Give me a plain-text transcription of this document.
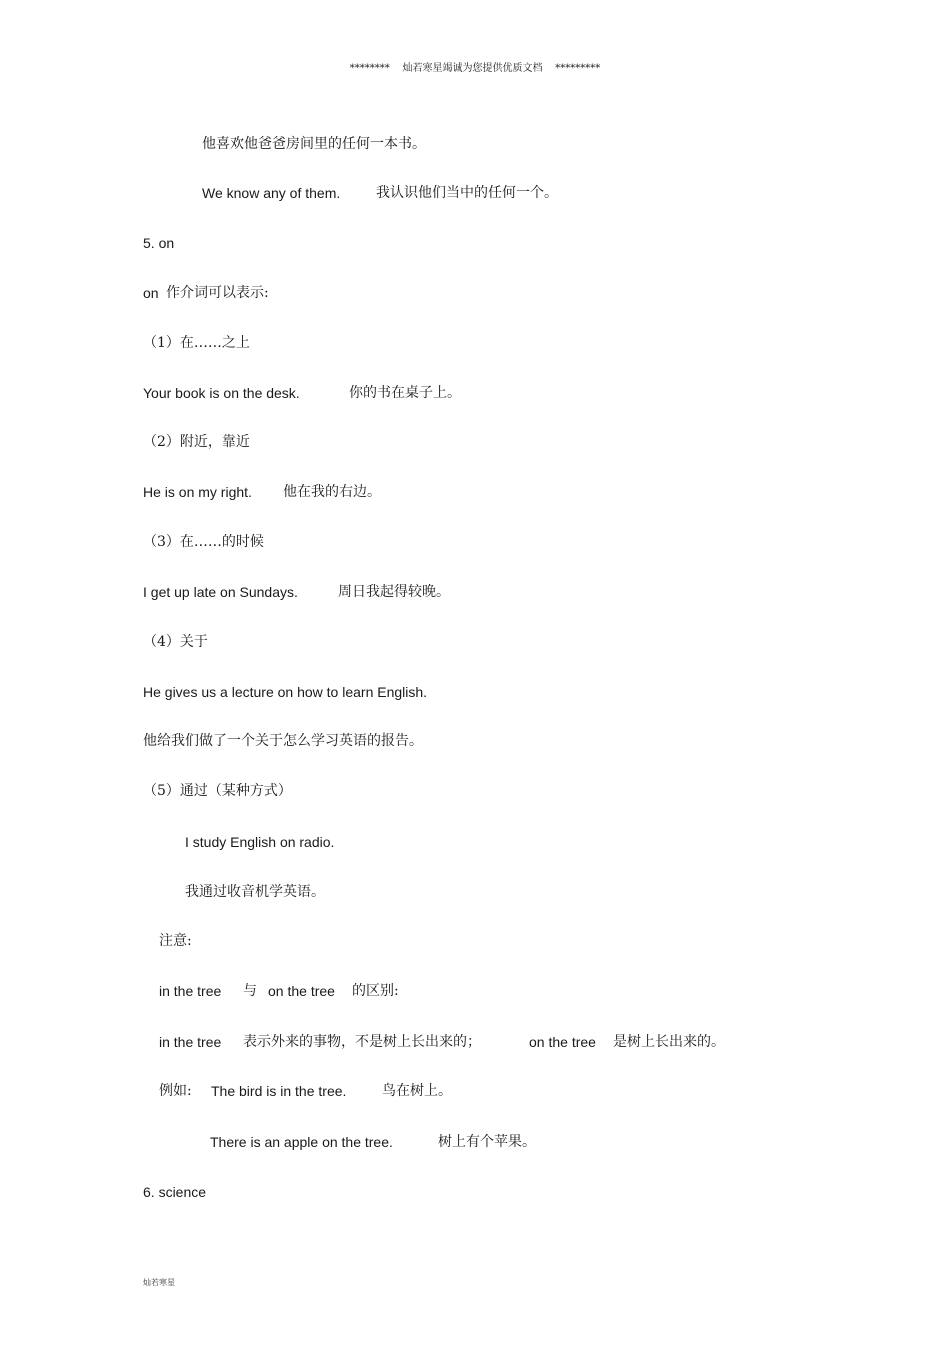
******** 灿若寒星竭诚为您提供优质文档 *********
他喜欢他爸爸房间里的任何一本书。
We know any of them.	我认识他们当中的任何一个。
5. on
on 作介词可以表示:
（1）在……之上
Your book is on the desk.	你的书在桌子上。
（2）附近，靠近
He is on my right. 他在我的右边。
（3）在……的时候
I get up late on Sundays.	周日我起得较晚。
（4）关于
He gives us a lecture on how to learn English.
他给我们做了一个关于怎么学习英语的报告。
（5）通过（某种方式）
I study English on radio.
我通过收音机学英语。
注意:
in the tree 与 on the tree 的区别:
in the tree 表示外来的事物，不是树上长出来的；	on the tree 是树上长出来的。
例如: The bird is in the tree.	鸟在树上。
There is an apple on the tree.	树上有个苹果。
6. science
灿若寒星
